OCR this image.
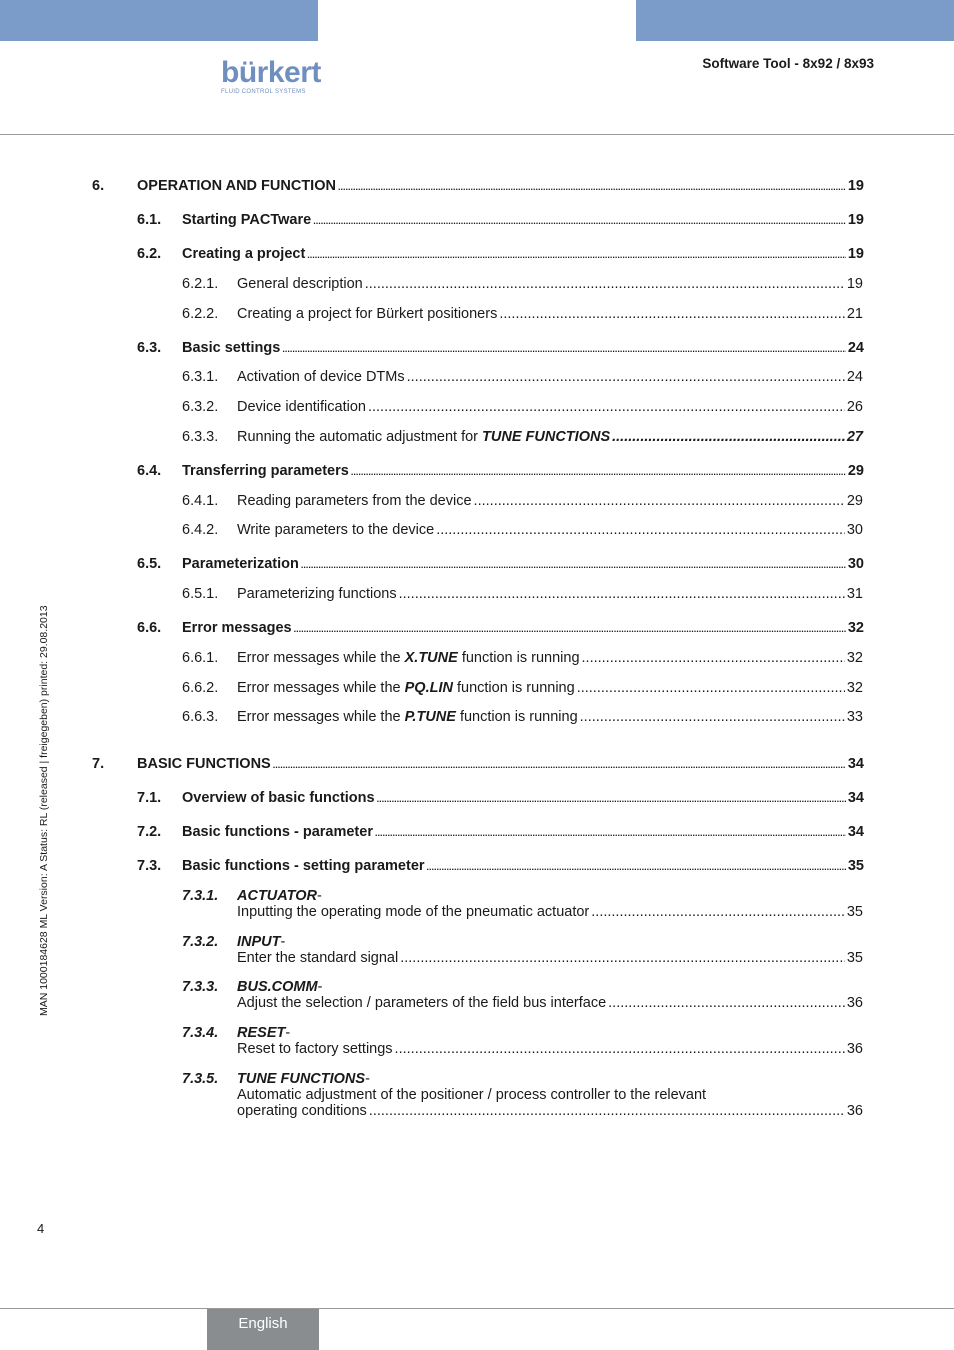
bürkert
FLUID CONTROL SYSTEMS
Software Tool - 8x92 / 8x93
MAN 1000184628 ML Version: A Status: RL (released | freigegeben) printed: 29.08.2013
6.	OPERATION AND FUNCTION .....	19
6.1.	Starting PACTware .....	19
6.2.	Creating a project .....	19
6.2.1.	General description .....	19
6.2.2.	Creating a project for Bürkert positioners .....	21
6.3.	Basic settings .....	24
6.3.1.	Activation of device DTMs .....	24
6.3.2.	Device identification .....	26
6.3.3.	Running the automatic adjustment for TUNE FUNCTIONS .....	27
6.4.	Transferring parameters .....	29
6.4.1.	Reading parameters from the device .....	29
6.4.2.	Write parameters to the device .....	30
6.5.	Parameterization .....	30
6.5.1.	Parameterizing functions .....	31
6.6.	Error messages .....	32
6.6.1.	Error messages while the X.TUNE function is running .....	32
6.6.2.	Error messages while the PQ.LIN function is running .....	32
6.6.3.	Error messages while the P.TUNE function is running .....	33
7.	BASIC FUNCTIONS .....	34
7.1.	Overview of basic functions .....	34
7.2.	Basic functions - parameter .....	34
7.3.	Basic functions - setting parameter .....	35
7.3.1.	ACTUATOR -
Inputting the operating mode of the pneumatic actuator .....	35
7.3.2.	INPUT -
Enter the standard signal .....	35
7.3.3.	BUS.COMM -
Adjust the selection / parameters of the field bus interface .....	36
7.3.4.	RESET -
Reset to factory settings .....	36
7.3.5.	TUNE FUNCTIONS -
Automatic adjustment of the positioner / process controller to the relevant
operating conditions .....	36
4
English
